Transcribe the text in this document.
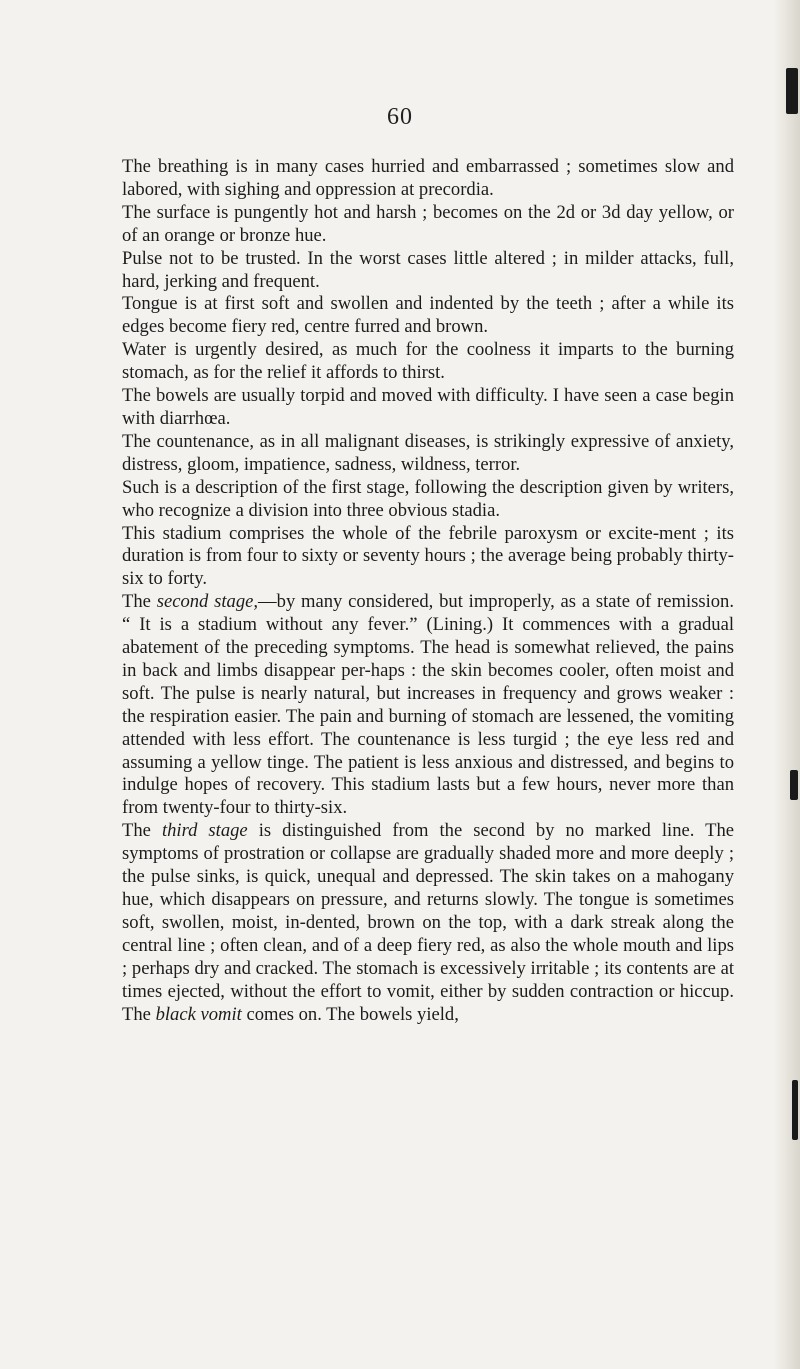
60

The breathing is in many cases hurried and embarrassed ; sometimes slow and labored, with sighing and oppression at precordia.

The surface is pungently hot and harsh ; becomes on the 2d or 3d day yellow, or of an orange or bronze hue.

Pulse not to be trusted. In the worst cases little altered ; in milder attacks, full, hard, jerking and frequent.

Tongue is at first soft and swollen and indented by the teeth ; after a while its edges become fiery red, centre furred and brown.

Water is urgently desired, as much for the coolness it imparts to the burning stomach, as for the relief it affords to thirst.

The bowels are usually torpid and moved with difficulty. I have seen a case begin with diarrhœa.

The countenance, as in all malignant diseases, is strikingly expressive of anxiety, distress, gloom, impatience, sadness, wildness, terror.

Such is a description of the first stage, following the description given by writers, who recognize a division into three obvious stadia.

This stadium comprises the whole of the febrile paroxysm or excite-ment ; its duration is from four to sixty or seventy hours ; the average being probably thirty-six to forty.

The second stage,—by many considered, but improperly, as a state of remission. “ It is a stadium without any fever.” (Lining.) It commences with a gradual abatement of the preceding symptoms. The head is somewhat relieved, the pains in back and limbs disappear per-haps : the skin becomes cooler, often moist and soft. The pulse is nearly natural, but increases in frequency and grows weaker : the respiration easier. The pain and burning of stomach are lessened, the vomiting attended with less effort. The countenance is less turgid ; the eye less red and assuming a yellow tinge. The patient is less anxious and distressed, and begins to indulge hopes of recovery. This stadium lasts but a few hours, never more than from twenty-four to thirty-six.

The third stage is distinguished from the second by no marked line. The symptoms of prostration or collapse are gradually shaded more and more deeply ; the pulse sinks, is quick, unequal and depressed. The skin takes on a mahogany hue, which disappears on pressure, and returns slowly. The tongue is sometimes soft, swollen, moist, in-dented, brown on the top, with a dark streak along the central line ; often clean, and of a deep fiery red, as also the whole mouth and lips ; perhaps dry and cracked. The stomach is excessively irritable ; its contents are at times ejected, without the effort to vomit, either by sudden contraction or hiccup. The black vomit comes on. The bowels yield,
